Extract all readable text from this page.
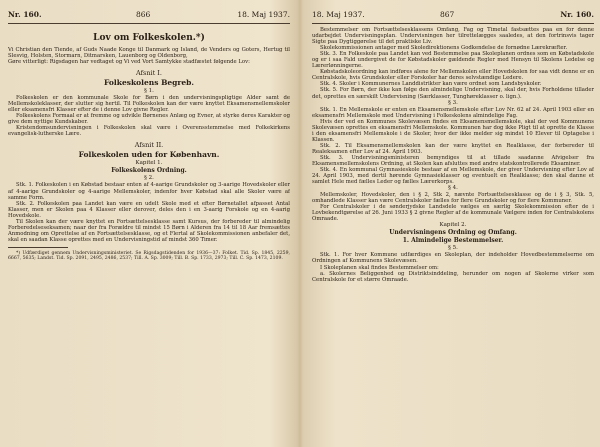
Nr. 160.	866	18. Maj 1937.
Lov om Folkeskolen.*)

Vi Christian den Tiende, af Guds Naade Konge til Danmark og Island, de Venders og Goters, Hertug til Slesvig, Holsten, Stormarn, Ditmarsken, Lauenborg og Oldenborg,

Gøre vitterligt: Rigsdagen har vedtaget og Vi ved Vort Samtykke stadfæstet følgende Lov:

Afsnit I.
Folkeskolens Begreb.
§ 1.

Folkeskolen er den kommunale Skole for Børn i den undervisningspligtige Alder samt de Mellemskoleklasser, der slutter sig hertil. Til Folkeskolen kan der være knyttet Eksamensmellemskoler eller eksamensfri Klasser efter de i denne Lov givne Regler.

Folkeskolens Formaal er at fremme og udvikle Børnenes Anlæg og Evner, at styrke deres Karakter og give dem nyttige Kundskaber.

Kristendomsundervisningen i Folkeskolen skal være i Overensstemmelse med Folkekirkens evangelisk-lutherske Lære.

Afsnit II.
Folkeskolen uden for København.
Kapitel 1.
Folkeskolens Ordning.
§ 2.

Stk. 1. Folkeskolen i en Købstad bestaar enten af 4-aarige Grundskoler og 3-aarige Hovedskoler eller af 4-aarige Grundskoler og 4-aarige Mellemskoler, indenfor hver Købstad skal alle Skoler være af samme Form.

Stk. 2. Folkeskolen paa Landet kan være en udelt Skole med et efter Børnetallet afpasset Antal Klasser, men er Skolen paa 4 Klasser eller derover, deles den i en 3-aarig Forskole og en 4-aarig Hovedskole.

Til Skolen kan der være knyttet en Fortsættelsesklasse samt Kursus, der forbereder til almindelig Forberedelseseksamen; naar der fra Forældre til mindst 15 Børn i Alderen fra 14 til 18 Aar fremsættes Anmodning om Oprettelse af en Fortsættelsesklasse, og et Flertal af Skolekommissionen anbefaler det, skal en saadan Klasse oprettes med en Undervisningstid af mindst 360 Timer.

*) Udfærdiget gennem Undervisningsministeriet. Se Rigsdagstidenden for 1936—37: Folket. Tid. Sp. 1845, 2259, 6667, 5635; Landst. Tid. Sp. 2091, 2495, 2486, 2537; Till. A. Sp. 3009; Till. B. Sp. 1733, 2973; Till. C. Sp. 1473, 2109.

18. Maj 1937.	867	Nr. 160.

Bestemmelser om Fortsættelsesklassens Omfang, Fag og Timetal fastsættes paa en for denne udarbejdet Undervisningsplan. Undervisningen her tilrettelægges saaledes, at den fortrinsvis tager Sigte paa Dygtiggørelse til det praktiske Liv.

Skolekommissionen antager med Skoledirektionens Godkendelse de fornødne Lærekræfter.

Stk. 3. En Folkeskole paa Landet kan ved Bestemmelse paa Skoleplanen ordnes som en Købstadskole og er i saa Fald undergivet de for Købstadskoler gældende Regler med Hensyn til Skolens Ledelse og Lærerlønningerne.

Købstadskoleordning kan indføres alene for Mellemskolen eller Hovedskolen for saa vidt denne er en Centralskole, hvis Grundskoler eller Forskoler har deres selvstændige Ledere.

Stk. 4. Skoler i Kommunernes Landdistrikter kan være ordnet som Landsbyskoler.

Stk. 5. For Børn, der ikke kan følge den almindelige Undervisning, skal der, hvis Forholdene tillader det, oprettes en særskilt Undervisning (Særklasser, Tunghøreklasser o. lign.).

§ 3.

Stk. 1. En Mellemskole er enten en Eksamensmellemskole efter Lov Nr. 62 af 24. April 1903 eller en eksamensfri Mellemskole med Undervisning i Folkeskolens almindelige Fag.

Hvis der ved en Kommunes Skolevæsen findes en Eksamensmellemskole, skal der ved Kommunens Skolevæsen oprettes en eksamensfri Mellemskole. Kommunen har dog ikke Pligt til at oprette de Klasse i den eksamensfri Mellemskole i de Skoler, hvor der ikke melder sig mindst 10 Elever til Optagelse i Klassen.

Stk. 2. Til Eksamensmellemskolen kan der være knyttet en Realklasse, der forbereder til Realeksamen efter Lov af 24. April 1903.

Stk. 3. Undervisningsministeren bemyndiges til at tillade saadanne Afvigelser fra Eksamensmellemskolens Ordning, at Skolen kan afsluttes med andre statskontrollerede Eksaminer.

Stk. 4. En kommunal Gymnasieskole bestaar af en Mellemskole, der giver Undervisning efter Lov af 24. April 1903, med dertil hørende Gymnasieklasser og eventuelt en Realklasse; den skal danne et samlet Hele med fælles Leder og fælles Lærerkorps.

§ 4.

Mellemskoler, Hovedskoler, den i § 2, Stk 2, nævnte Fortsættelsesklasse og de i § 3, Stk. 5, omhandlede Klasser kan være Centralskoler fælles for flere Grundskoler og for flere Kommuner.

For Centralskoler i de sønderjydske Landsdele vælges en særlig Skolekommission efter de i Lovbekendtgørelse af 26. Juni 1933 § 2 givne Regler af de kommunale Vælgere inden for Centralskolens Omraade.

Kapitel 2.
Undervisningens Ordning og Omfang.
1. Almindelige Bestemmelser.
§ 5.

Stk. 1. For hver Kommune udfærdiges en Skoleplan, der indeholder Hovedbestemmelserne om Ordningen af Kommunens Skolevæsen.

I Skoleplanen skal findes Bestemmelser om:

a. Skolernes Beliggenhed og Distriktsinddeling, herunder om nogen af Skolerne virker som Centralskole for et større Omraade.
